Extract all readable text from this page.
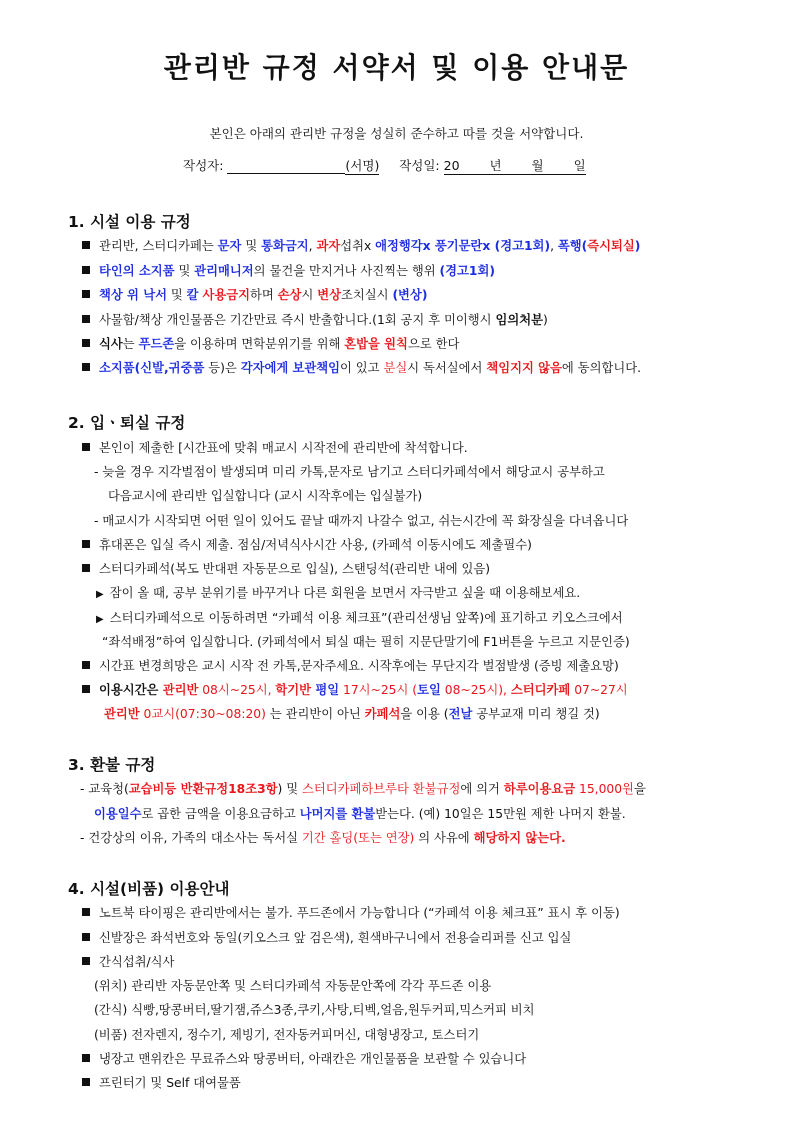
관리반 규정 서약서 및 이용 안내문
본인은 아래의 관리반 규정을 성실히 준수하고 따를 것을 서약합니다.
작성자:	(서명) 작성일: 20 년 월 일
1. 시설 이용 규정
관리반, 스터디카페는 문자 및 통화금지, 과자섭취x 애정행각x 풍기문란x (경고1회), 폭행(즉시퇴실)
타인의 소지품 및 관리매니저의 물건을 만지거나 사진찍는 행위 (경고1회)
책상 위 낙서 및 칼 사용금지하며 손상시 변상조치실시 (변상)
사물함/책상 개인물품은 기간만료 즉시 반출합니다.(1회 공지 후 미이행시 임의처분)
식사는 푸드존을 이용하며 면학분위기를 위해 혼밥을 원칙으로 한다
소지품(신발,귀중품 등)은 각자에게 보관책임이 있고 분실시 독서실에서 책임지지 않음에 동의합니다.
2. 입ㆍ퇴실 규정
본인이 제출한 [시간표에 맞춰 매교시 시작전에 관리반에 착석합니다.
- 늦을 경우 지각벌점이 발생되며 미리 카톡,문자로 남기고 스터디카페석에서 해당교시 공부하고
다음교시에 관리반 입실합니다 (교시 시작후에는 입실불가)
- 매교시가 시작되면 어떤 일이 있어도 끝날 때까지 나갈수 없고, 쉬는시간에 꼭 화장실을 다녀옵니다
휴대폰은 입실 즉시 제출. 점심/저녁식사시간 사용, (카페석 이동시에도 제출필수)
스터디카페석(복도 반대편 자동문으로 입실), 스탠딩석(관리반 내에 있음)
▶ 잠이 올 때, 공부 분위기를 바꾸거나 다른 회원을 보면서 자극받고 싶을 때 이용해보세요.
▶ 스터디카페석으로 이동하려면 “카페석 이용 체크표”(관리선생님 앞쪽)에 표기하고 키오스크에서
“좌석배정”하여 입실합니다. (카페석에서 퇴실 때는 필히 지문단말기에 F1버튼을 누르고 지문인증)
시간표 변경희망은 교시 시작 전 카톡,문자주세요. 시작후에는 무단지각 벌점발생 (증빙 제출요망)
이용시간은 관리반 08시~25시, 학기반 평일 17시~25시 (토일 08~25시), 스터디카페 07~27시
관리반 0교시(07:30~08:20) 는 관리반이 아닌 카페석을 이용 (전날 공부교재 미리 챙길 것)
3. 환불 규정
- 교육청(교습비등 반환규정18조3항) 및 스터디카페하브루타 환불규정에 의거 하루이용요금 15,000원을
이용일수로 곱한 금액을 이용요금하고 나머지를 환불받는다. (예) 10일은 15만원 제한 나머지 환불.
- 건강상의 이유, 가족의 대소사는 독서실 기간 홀딩(또는 연장) 의 사유에 해당하지 않는다.
4. 시설(비품) 이용안내
노트북 타이핑은 관리반에서는 불가. 푸드존에서 가능합니다 (“카페석 이용 체크표” 표시 후 이동)
신발장은 좌석번호와 동일(키오스크 앞 검은색), 흰색바구니에서 전용슬리퍼를 신고 입실
간식섭취/식사
(위치) 관리반 자동문안쪽 및 스터디카페석 자동문안쪽에 각각 푸드존 이용
(간식) 식빵,땅콩버터,딸기잼,쥬스3종,쿠키,사탕,티벡,얼음,원두커피,믹스커피 비치
(비품) 전자렌지, 정수기, 제빙기, 전자동커피머신, 대형냉장고, 토스터기
냉장고 맨위칸은 무료쥬스와 땅콩버터, 아래칸은 개인물품을 보관할 수 있습니다
프린터기 및 Self 대여물품
